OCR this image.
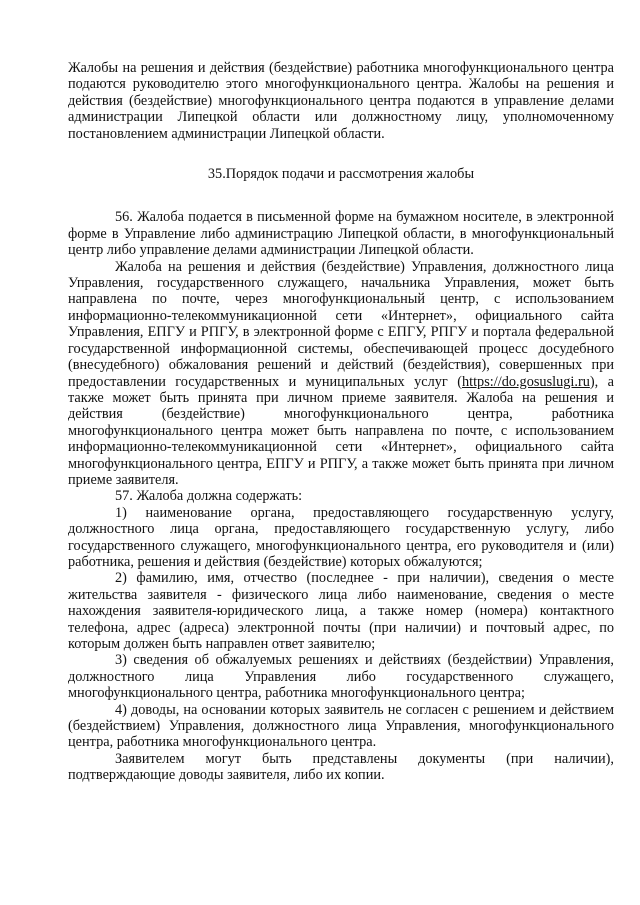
Жалобы на решения и действия (бездействие) работника многофункционального центра подаются руководителю этого многофункционального центра. Жалобы на решения и действия (бездействие) многофункционального центра подаются в управление делами администрации Липецкой области или должностному лицу, уполномоченному постановлением администрации Липецкой области.

35.Порядок подачи и рассмотрения жалобы

56. Жалоба подается в письменной форме на бумажном носителе, в электронной форме в Управление либо администрацию Липецкой области, в многофункциональный центр либо управление делами администрации Липецкой области.

Жалоба на решения и действия (бездействие) Управления, должностного лица Управления, государственного служащего, начальника Управления, может быть направлена по почте, через многофункциональный центр, с использованием информационно-телекоммуникационной сети «Интернет», официального сайта Управления, ЕПГУ и РПГУ, в электронной форме с ЕПГУ, РПГУ и портала федеральной государственной информационной системы, обеспечивающей процесс досудебного (внесудебного) обжалования решений и действий (бездействия), совершенных при предоставлении государственных и муниципальных услуг (https://do.gosuslugi.ru), а также может быть принята при личном приеме заявителя. Жалоба на решения и действия (бездействие) многофункционального центра, работника многофункционального центра может быть направлена по почте, с использованием информационно-телекоммуникационной сети «Интернет», официального сайта многофункционального центра, ЕПГУ и РПГУ, а также может быть принята при личном приеме заявителя.

57. Жалоба должна содержать:

1) наименование органа, предоставляющего государственную услугу, должностного лица органа, предоставляющего государственную услугу, либо государственного служащего, многофункционального центра, его руководителя и (или) работника, решения и действия (бездействие) которых обжалуются;

2) фамилию, имя, отчество (последнее - при наличии), сведения о месте жительства заявителя - физического лица либо наименование, сведения о месте нахождения заявителя-юридического лица, а также номер (номера) контактного телефона, адрес (адреса) электронной почты (при наличии) и почтовый адрес, по которым должен быть направлен ответ заявителю;

3) сведения об обжалуемых решениях и действиях (бездействии) Управления, должностного лица Управления либо государственного служащего, многофункционального центра, работника многофункционального центра;

4) доводы, на основании которых заявитель не согласен с решением и действием (бездействием) Управления, должностного лица Управления, многофункционального центра, работника многофункционального центра.

Заявителем могут быть представлены документы (при наличии), подтверждающие доводы заявителя, либо их копии.
